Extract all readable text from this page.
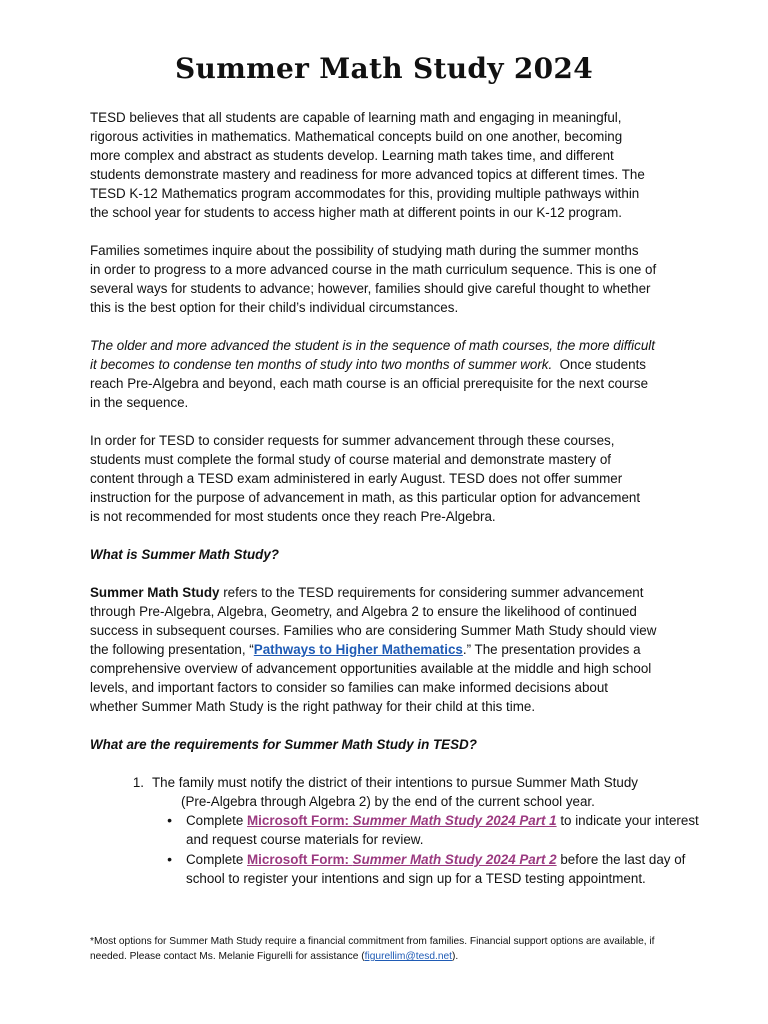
Summer Math Study 2024

TESD believes that all students are capable of learning math and engaging in meaningful,
rigorous activities in mathematics. Mathematical concepts build on one another, becoming
more complex and abstract as students develop. Learning math takes time, and different
students demonstrate mastery and readiness for more advanced topics at different times. The
TESD K-12 Mathematics program accommodates for this, providing multiple pathways within
the school year for students to access higher math at different points in our K-12 program.

Families sometimes inquire about the possibility of studying math during the summer months
in order to progress to a more advanced course in the math curriculum sequence. This is one of
several ways for students to advance; however, families should give careful thought to whether
this is the best option for their child’s individual circumstances.

The older and more advanced the student is in the sequence of math courses, the more difficult
it becomes to condense ten months of study into two months of summer work.  Once students
reach Pre-Algebra and beyond, each math course is an official prerequisite for the next course
in the sequence.

In order for TESD to consider requests for summer advancement through these courses,
students must complete the formal study of course material and demonstrate mastery of
content through a TESD exam administered in early August. TESD does not offer summer
instruction for the purpose of advancement in math, as this particular option for advancement
is not recommended for most students once they reach Pre-Algebra.

What is Summer Math Study?

Summer Math Study refers to the TESD requirements for considering summer advancement
through Pre-Algebra, Algebra, Geometry, and Algebra 2 to ensure the likelihood of continued
success in subsequent courses. Families who are considering Summer Math Study should view
the following presentation, “Pathways to Higher Mathematics.” The presentation provides a
comprehensive overview of advancement opportunities available at the middle and high school
levels, and important factors to consider so families can make informed decisions about
whether Summer Math Study is the right pathway for their child at this time.

What are the requirements for Summer Math Study in TESD?

1. The family must notify the district of their intentions to pursue Summer Math Study
(Pre-Algebra through Algebra 2) by the end of the current school year.
• Complete Microsoft Form: Summer Math Study 2024 Part 1 to indicate your interest
and request course materials for review.
• Complete Microsoft Form: Summer Math Study 2024 Part 2 before the last day of
school to register your intentions and sign up for a TESD testing appointment.
*Most options for Summer Math Study require a financial commitment from families. Financial support options are available, if
needed. Please contact Ms. Melanie Figurelli for assistance (figurellim@tesd.net).
